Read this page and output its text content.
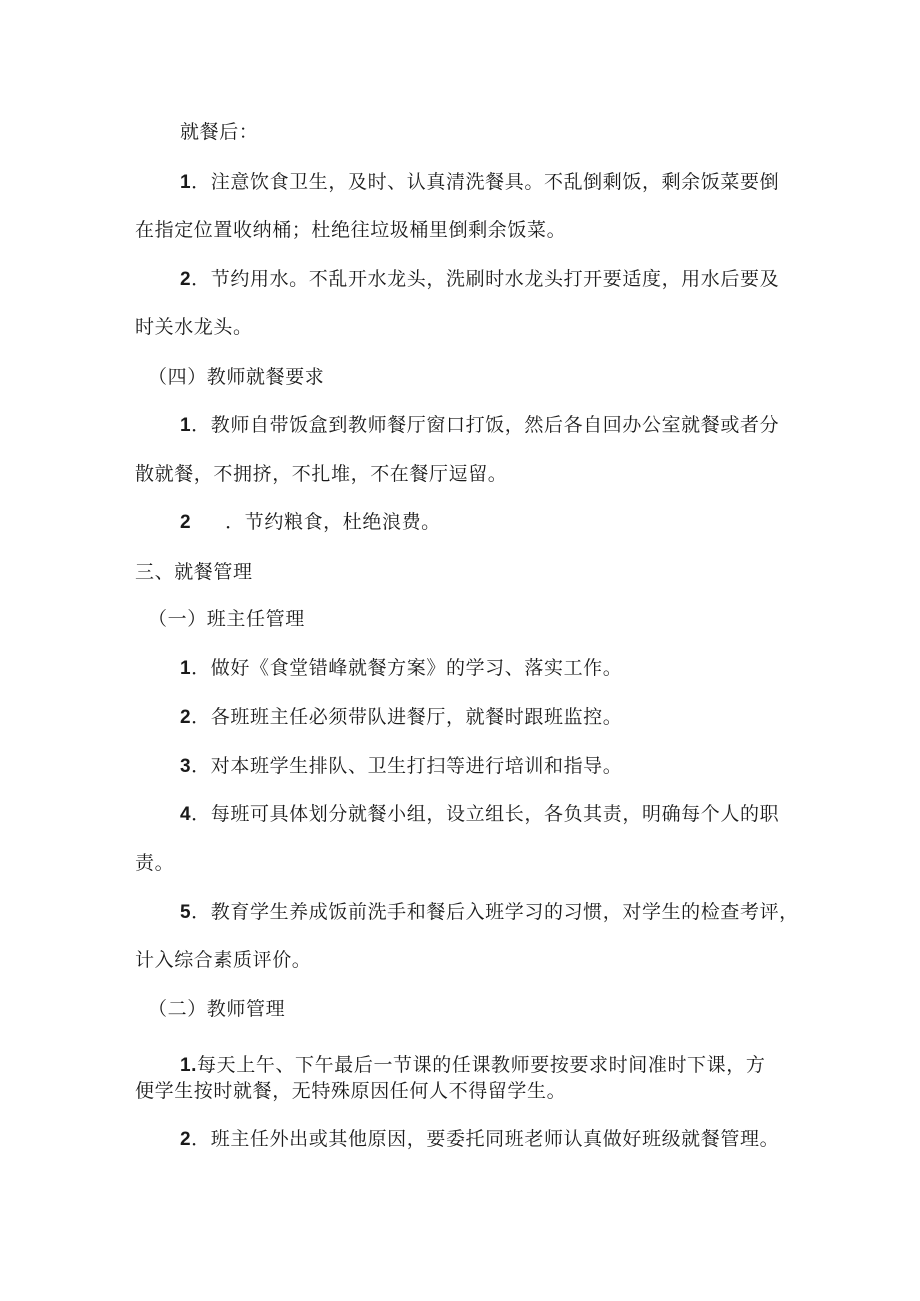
就餐后：
1．注意饮食卫生，及时、认真清洗餐具。不乱倒剩饭，剩余饭菜要倒
在指定位置收纳桶；杜绝往垃圾桶里倒剩余饭菜。
2．节约用水。不乱开水龙头，洗刷时水龙头打开要适度，用水后要及
时关水龙头。
（四）教师就餐要求
1．教师自带饭盒到教师餐厅窗口打饭，然后各自回办公室就餐或者分
散就餐，不拥挤，不扎堆，不在餐厅逗留。
2 ．节约粮食，杜绝浪费。
三、就餐管理
（一）班主任管理
1．做好《食堂错峰就餐方案》的学习、落实工作。
2．各班班主任必须带队进餐厅，就餐时跟班监控。
3．对本班学生排队、卫生打扫等进行培训和指导。
4．每班可具体划分就餐小组，设立组长，各负其责，明确每个人的职
责。
5．教育学生养成饭前洗手和餐后入班学习的习惯，对学生的检查考评，
计入综合素质评价。
（二）教师管理
1.每天上午、下午最后一节课的任课教师要按要求时间准时下课，方
便学生按时就餐，无特殊原因任何人不得留学生。
2．班主任外出或其他原因，要委托同班老师认真做好班级就餐管理。
